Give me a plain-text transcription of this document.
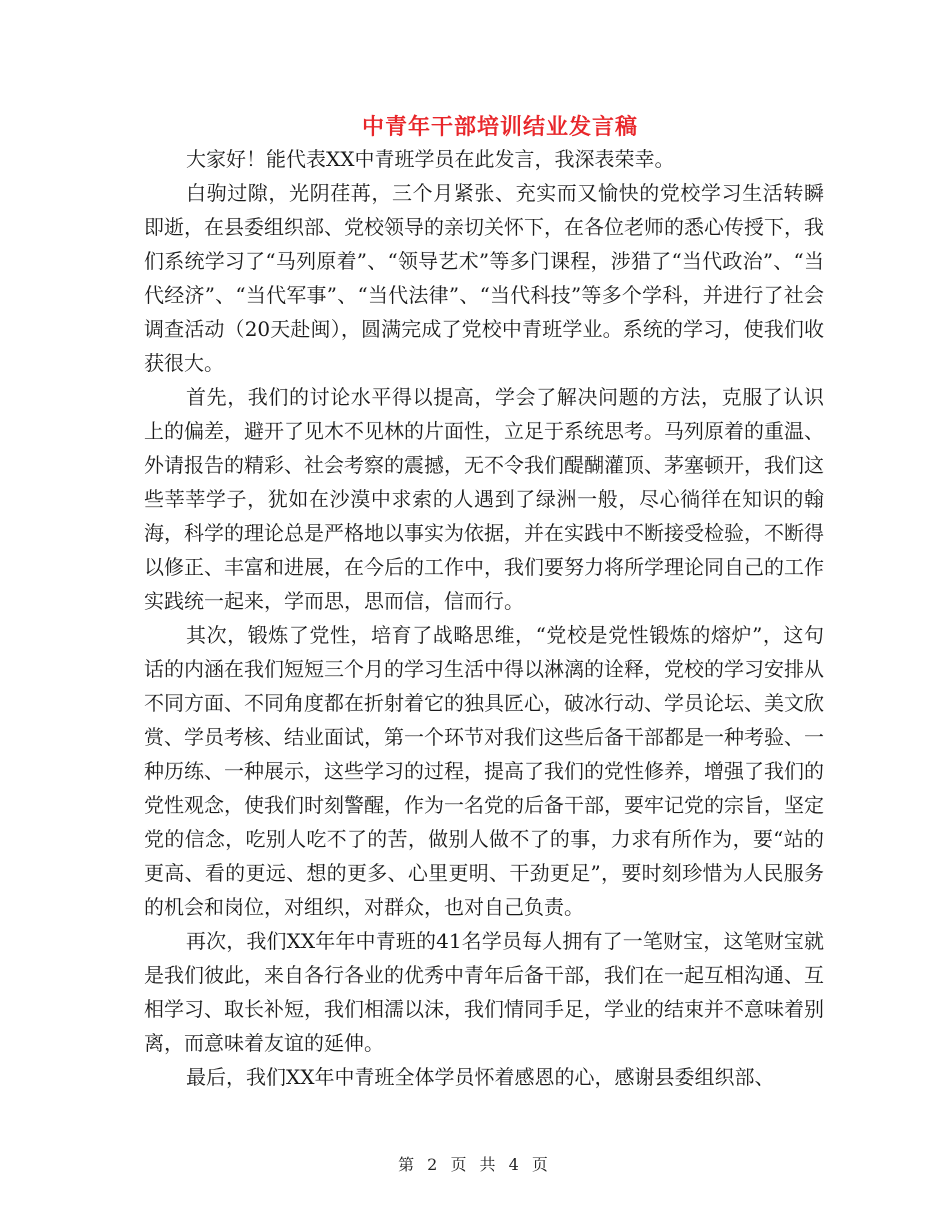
中青年干部培训结业发言稿

大家好！能代表XX中青班学员在此发言，我深表荣幸。

白驹过隙，光阴荏苒，三个月紧张、充实而又愉快的党校学习生活转瞬即逝，在县委组织部、党校领导的亲切关怀下，在各位老师的悉心传授下，我们系统学习了“马列原着”、“领导艺术”等多门课程，涉猎了“当代政治”、“当代经济”、“当代军事”、“当代法律”、“当代科技”等多个学科，并进行了社会调查活动（20天赴闽），圆满完成了党校中青班学业。系统的学习，使我们收获很大。

首先，我们的讨论水平得以提高，学会了解决问题的方法，克服了认识上的偏差，避开了见木不见林的片面性，立足于系统思考。马列原着的重温、外请报告的精彩、社会考察的震撼，无不令我们醍醐灌顶、茅塞顿开，我们这些莘莘学子，犹如在沙漠中求索的人遇到了绿洲一般，尽心徜徉在知识的翰海，科学的理论总是严格地以事实为依据，并在实践中不断接受检验，不断得以修正、丰富和进展，在今后的工作中，我们要努力将所学理论同自己的工作实践统一起来，学而思，思而信，信而行。

其次，锻炼了党性，培育了战略思维，“党校是党性锻炼的熔炉”，这句话的内涵在我们短短三个月的学习生活中得以淋漓的诠释，党校的学习安排从不同方面、不同角度都在折射着它的独具匠心，破冰行动、学员论坛、美文欣赏、学员考核、结业面试，第一个环节对我们这些后备干部都是一种考验、一种历练、一种展示，这些学习的过程，提高了我们的党性修养，增强了我们的党性观念，使我们时刻警醒，作为一名党的后备干部，要牢记党的宗旨，坚定党的信念，吃别人吃不了的苦，做别人做不了的事，力求有所作为，要“站的更高、看的更远、想的更多、心里更明、干劲更足”，要时刻珍惜为人民服务的机会和岗位，对组织，对群众，也对自己负责。

再次，我们XX年年中青班的41名学员每人拥有了一笔财宝，这笔财宝就是我们彼此，来自各行各业的优秀中青年后备干部，我们在一起互相沟通、互相学习、取长补短，我们相濡以沫，我们情同手足，学业的结束并不意味着别离，而意味着友谊的延伸。

最后，我们XX年中青班全体学员怀着感恩的心，感谢县委组织部、

第 2 页 共 4 页
